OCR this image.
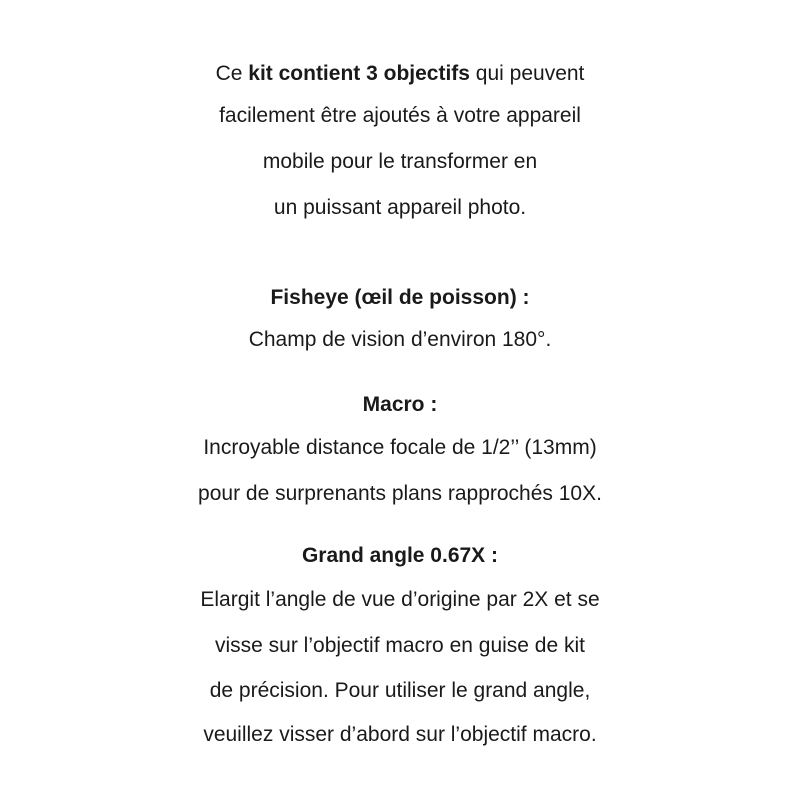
Ce kit contient 3 objectifs qui peuvent
facilement être ajoutés à votre appareil
mobile pour le transformer en
un puissant appareil photo.
Fisheye (œil de poisson) :
Champ de vision d’environ 180°.
Macro :
Incroyable distance focale de 1/2’’ (13mm)
pour de surprenants plans rapprochés 10X.
Grand angle 0.67X :
Elargit l’angle de vue d’origine par 2X et se
visse sur l’objectif macro en guise de kit
de précision. Pour utiliser le grand angle,
veuillez visser d’abord sur l’objectif macro.
